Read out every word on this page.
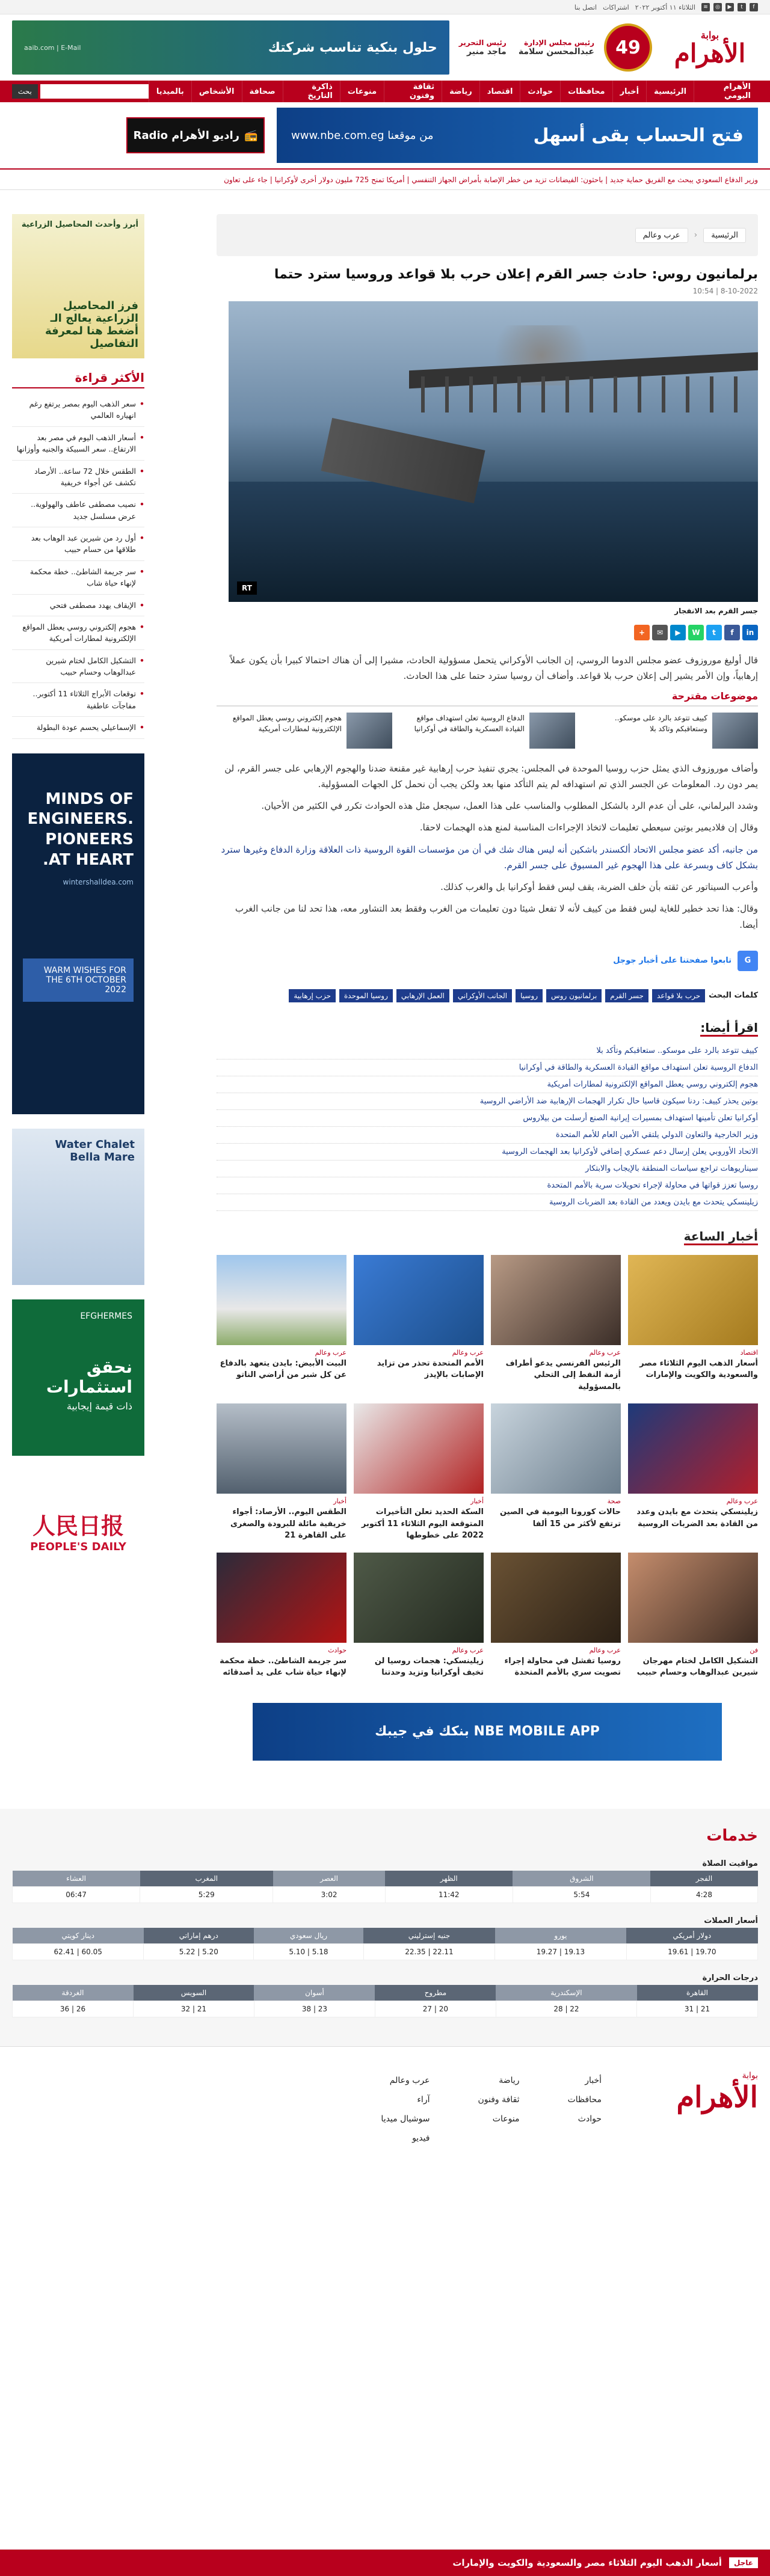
f
t
▶
◎
≋
الثلاثاء ١١ أكتوبر ٢٠٢٢
اشتراكات
اتصل بنا
بوابة
الأهرام
49
رئيس مجلس الإدارة
عبدالمحسن سلامة
رئيس التحرير
ماجد منير
حلول بنكية تناسب شركتك
aaib.com | E-Mail
الأهرام اليومي
الرئيسية
أخبار
محافظات
حوادث
اقتصاد
رياضة
ثقافة وفنون
منوعات
ذاكرة التاريخ
صحافة
الأشخاص
بالميديا
بحث
فتح الحساب بقى أسهل
من موقعنا www.nbe.com.eg
📻
راديو الأهرام Radio
وزير الدفاع السعودي يبحث مع الفريق حماية جديد | باحثون: الفيضانات تزيد من خطر الإصابة بأمراض الجهاز التنفسي | أمريكا تمنح 725 مليون دولار أخرى لأوكرانيا | جاء على تعاون
الرئيسية
‹
عرب وعالم
برلمانيون روس: حادث جسر القرم إعلان حرب بلا قواعد وروسيا سترد حتما
8-10-2022 | 10:54
RT
جسر القرم بعد الانفجار
in
f
t
W
▶
✉
+

قال أوليغ موروزوف عضو مجلس الدوما الروسي، إن الجانب الأوكراني يتحمل مسؤولية الحادث، مشيرا إلى أن هناك احتمالا كبيرا بأن يكون عملاً إرهابياً، وإن الأمر يشير إلى إعلان حرب بلا قواعد. وأضاف أن روسيا سترد حتما على هذا الحادث.

موضوعات مقترحة
كييف تتوعد بالرد على موسكو.. وستعاقبكم وتاكد بلا
الدفاع الروسية تعلن استهداف مواقع القيادة العسكرية والطاقة في أوكرانيا
هجوم إلكتروني روسي يعطل المواقع الإلكترونية لمطارات أمريكية

وأضاف موروزوف الذي يمثل حزب روسيا الموحدة في المجلس: يجري تنفيذ حرب إرهابية غير مقنعة ضدنا والهجوم الإرهابي على جسر القرم، لن يمر دون رد. المعلومات عن الجسر الذي تم استهدافه لم يتم التأكد منها بعد ولكن يجب أن نحمل كل الجهات المسؤولية.

وشدد البرلماني، على أن عدم الرد بالشكل المطلوب والمناسب على هذا العمل، سيجعل مثل هذه الحوادث تكرر في الكثير من الأحيان.

وقال إن فلاديمير بوتين سيعطي تعليمات لاتخاذ الإجراءات المناسبة لمنع هذه الهجمات لاحقا.

من جانبه، أكد عضو مجلس الاتحاد ألكسندر باشكين أنه ليس هناك شك في أن من مؤسسات القوة الروسية ذات العلاقة وزارة الدفاع وغيرها سترد بشكل كاف وبسرعة على هذا الهجوم غير المسبوق على جسر القرم.

وأعرب السيناتور عن ثقته بأن خلف الضربة، يقف ليس فقط أوكرانيا بل والغرب كذلك.

وقال: هذا تحد خطير للغاية ليس فقط من كييف لأنه لا تفعل شيئا دون تعليمات من الغرب وفقط بعد التشاور معه، هذا تحد لنا من جانب الغرب أيضا.

G
تابعوا صفحتنا على أخبار جوجل
كلمات البحث
حرب بلا قواعد
جسر القرم
برلمانيون روس
روسيا
الجانب الأوكراني
العمل الإرهابي
روسيا الموحدة
حزب إرهابية
اقرأ أيضا:
كييف تتوعد بالرد على موسكو.. ستعاقبكم وتأكد بلا
الدفاع الروسية تعلن استهداف مواقع القيادة العسكرية والطاقة في أوكرانيا
هجوم إلكتروني روسي يعطل المواقع الإلكترونية لمطارات أمريكية
بوتين يحذر كييف: ردنا سيكون قاسيا حال تكرار الهجمات الإرهابية ضد الأراضي الروسية
أوكرانيا تعلن تأمينها استهداف بمسيرات إيرانية الصنع أرسلت من بيلاروس
وزير الخارجية والتعاون الدولي يلتقي الأمين العام للأمم المتحدة
الاتحاد الأوروبي يعلن إرسال دعم عسكري إضافي لأوكرانيا بعد الهجمات الروسية
سيناريوهات تراجع سياسات المنطقة بالإيجاب والابتكار
روسيا تعزز قواتها في محاولة لإجراء تحويلات سرية بالأمم المتحدة
زيلينسكي يتحدث مع بايدن ويعدد من القادة بعد الضربات الروسية
أخبار الساعة
اقتصاد
أسعار الذهب اليوم الثلاثاء مصر والسعودية والكويت والإمارات
عرب وعالم
الرئيس الفرنسي يدعو أطراف أزمة النفط إلى التحلي بالمسؤولية
عرب وعالم
الأمم المتحدة تحذر من تزايد الإصابات بالإيدز
عرب وعالم
البيت الأبيض: بايدن يتعهد بالدفاع عن كل شبر من أراضي الناتو
عرب وعالم
زيلينسكي يتحدث مع بايدن وعدد من القادة بعد الضربات الروسية
صحة
حالات كورونا اليومية في الصين ترتفع لأكثر من 15 ألفا
أخبار
السكة الحديد تعلن التأخيرات المتوقعة اليوم الثلاثاء 11 أكتوبر 2022 على خطوطها
أخبار
الطقس اليوم.. الأرصاد: أجواء خريفية مائلة للبرودة والصغرى على القاهرة 21
فن
التشكيل الكامل لختام مهرجان شيرين عبدالوهاب وحسام حبيب
عرب وعالم
روسيا تفشل في محاولة إجراء تصويت سري بالأمم المتحدة
عرب وعالم
زيلينسكي: هجمات روسيا لن تخيف أوكرانيا وتزيد وحدتنا
حوادث
سر جريمة الشاطئ.. خطة محكمة لإنهاء حياة شاب على يد أصدقائه
NBE MOBILE APP بنكك في جيبك
أبرز وأحدث المحاصيل الزراعية
فرز المحاصيل الزراعية يعالج الـ أضغط هنا لمعرفة التفاصيل
الأكثر قراءة
•
سعر الذهب اليوم بمصر يرتفع رغم انهياره العالمي
•
أسعار الذهب اليوم في مصر بعد الارتفاع.. سعر السبيكة والجنيه وأوزانها
•
الطقس خلال 72 ساعة.. الأرصاد تكشف عن أجواء خريفية
•
نصيب مصطفى عاطف والهولوية.. عرض مسلسل جديد
•
أول رد من شيرين عبد الوهاب بعد طلاقها من حسام حبيب
•
سر جريمة الشاطئ.. خطة محكمة لإنهاء حياة شاب
•
الإيقاف يهدد مصطفى فتحي
•
هجوم إلكتروني روسي يعطل المواقع الإلكترونية لمطارات أمريكية
•
التشكيل الكامل لختام شيرين عبدالوهاب وحسام حبيب
•
توقعات الأبراج الثلاثاء 11 أكتوبر.. مفاجآت عاطفية
•
الإسماعيلي يحسم عودة البطولة
MINDS OF ENGINEERS. PIONEERS AT HEART.
wintershalldea.com
WARM WISHES FOR THE 6TH OCTOBER 2022
Water Chalet Bella Mare
EFGHERMES
نحقق استثمارات
ذات قيمة إيجابية
人民日报
PEOPLE'S DAILY
خدمات
مواقيت الصلاة
الفجر	الشروق	الظهر	العصر	المغرب	العشاء
4:28	5:54	11:42	3:02	5:29	06:47
أسعار العملات
دولار أمريكي	يورو	جنيه إسترليني	ريال سعودي	درهم إماراتي	دينار كويتي
19.70 | 19.61	19.13 | 19.27	22.11 | 22.35	5.18 | 5.10	5.20 | 5.22	60.05 | 62.41
درجات الحرارة
القاهرة	الإسكندرية	مطروح	أسوان	السويس	الغردقة
21 | 31	22 | 28	20 | 27	23 | 38	21 | 32	26 | 36
بوابة
الأهرام
أخبار
محافظات
حوادث
رياضة
ثقافة وفنون
منوعات
عرب وعالم
آراء
سوشيال ميديا
فيديو
عاجل
أسعار الذهب اليوم الثلاثاء مصر والسعودية والكويت والإمارات
